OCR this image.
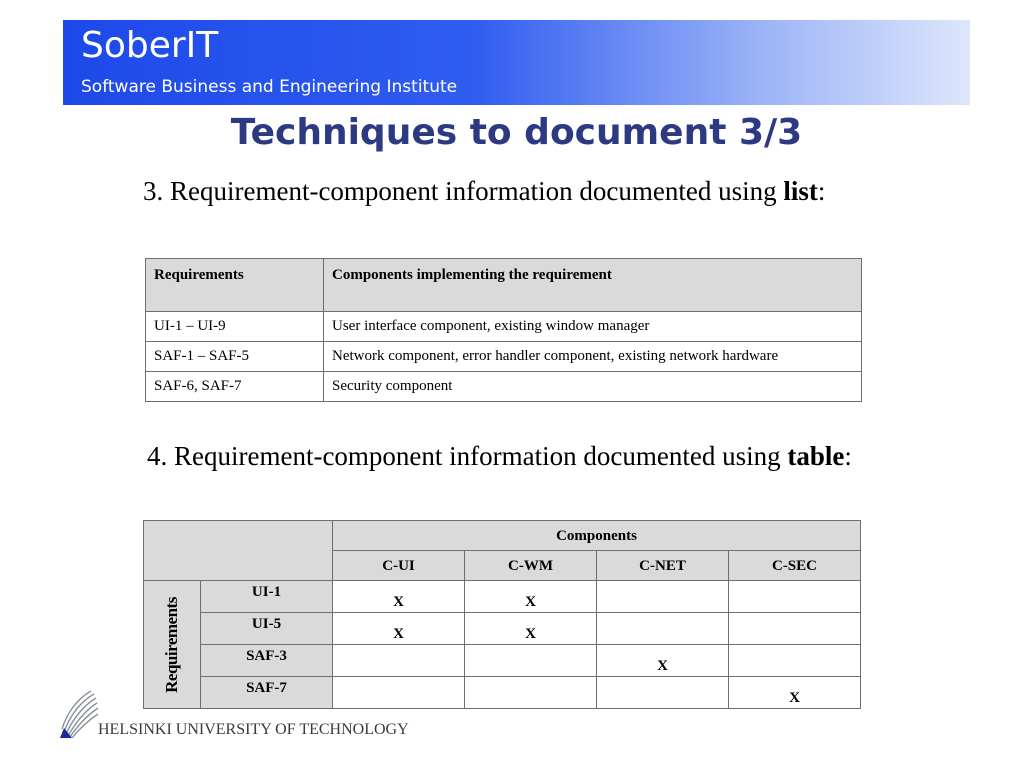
SoberIT
Software Business and Engineering Institute
Techniques to document 3/3
3. Requirement-component information documented using list:
Requirements	Components implementing the requirement
UI-1 – UI-9	User interface component, existing window manager
SAF-1 – SAF-5	Network component, error handler component, existing network hardware
SAF-6, SAF-7	Security component
4. Requirement-component information documented using table:
		Components			
		C-UI	C-WM	C-NET	C-SEC

Requirements	UI-1	X	X		
	UI-5	X	X		
	SAF-3			X	
	SAF-7				X
HELSINKI UNIVERSITY OF TECHNOLOGY
